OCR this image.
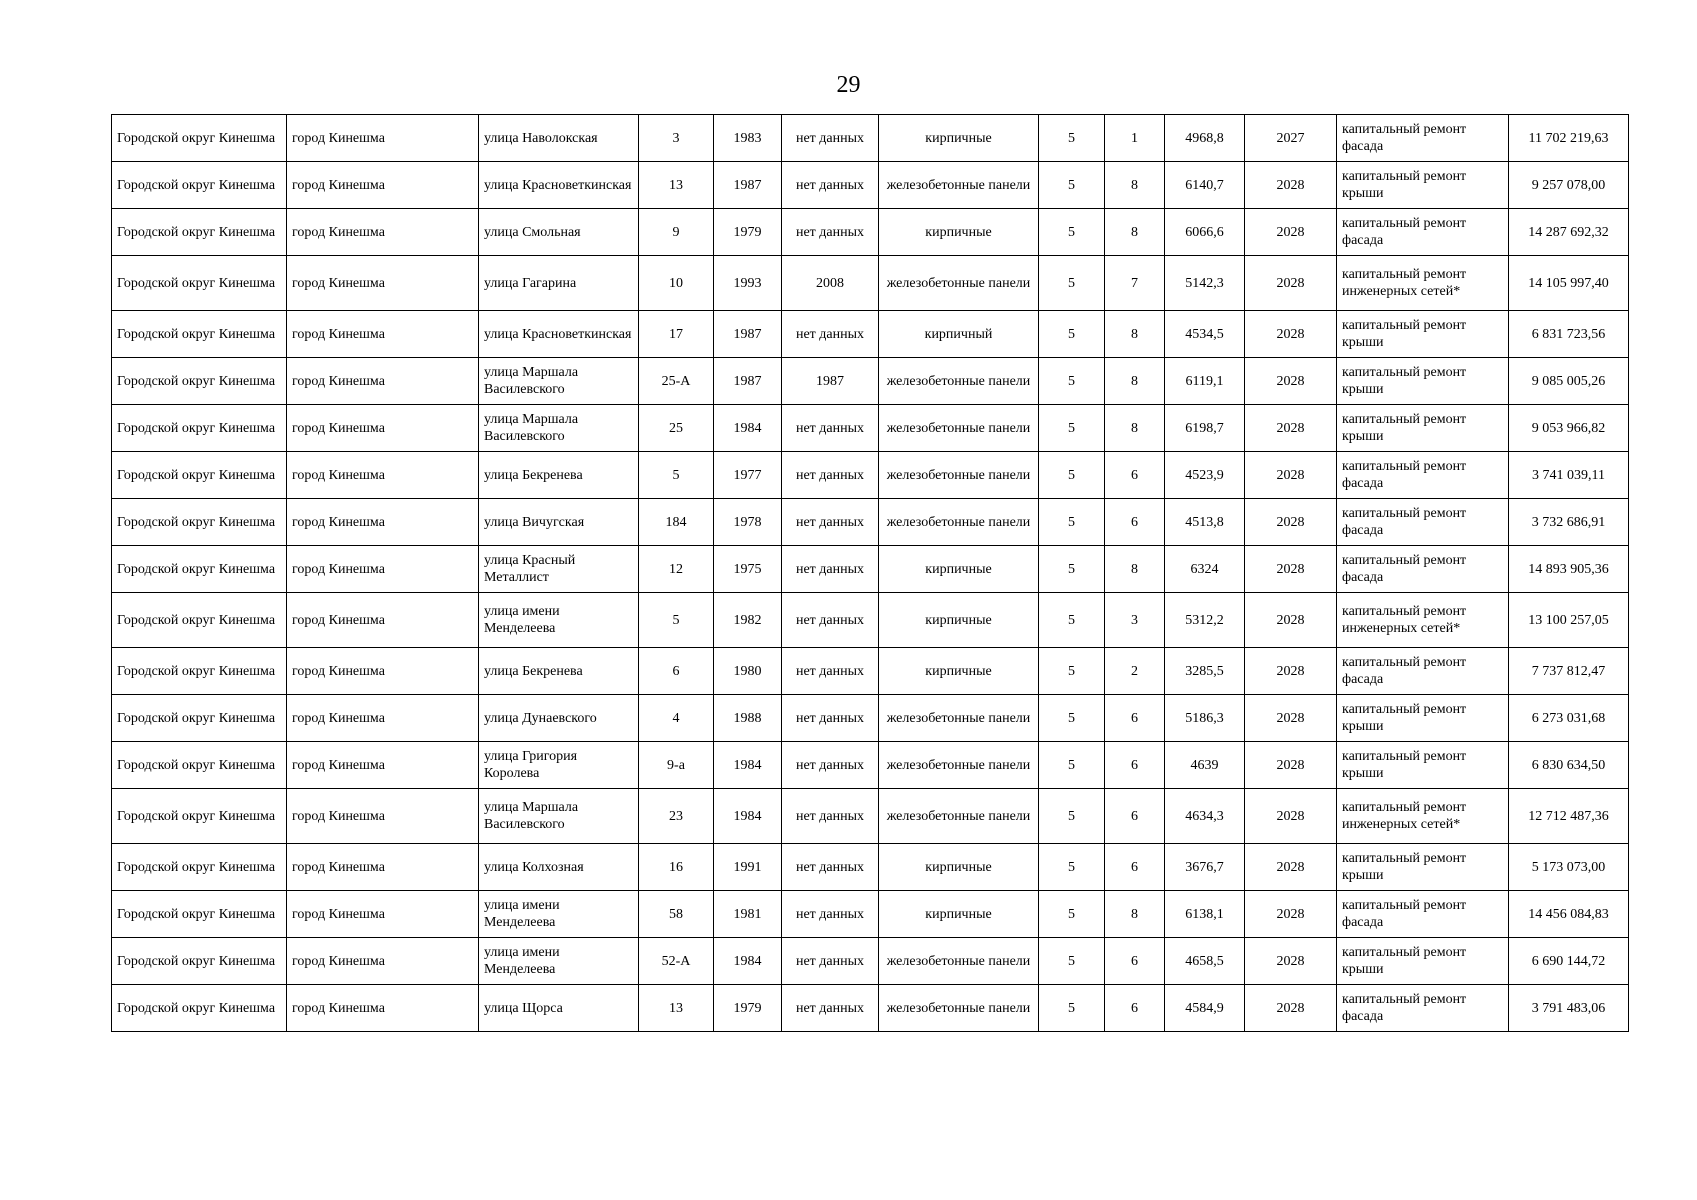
29
Городской округ Кинешма	город Кинешма	улица Наволокская	3	1983	нет данных	кирпичные	5	1	4968,8	2027	капитальный ремонт фасада	11 702 219,63
Городской округ Кинешма	город Кинешма	улица Красноветкинская	13	1987	нет данных	железобетонные панели	5	8	6140,7	2028	капитальный ремонт крыши	9 257 078,00
Городской округ Кинешма	город Кинешма	улица Смольная	9	1979	нет данных	кирпичные	5	8	6066,6	2028	капитальный ремонт фасада	14 287 692,32
Городской округ Кинешма	город Кинешма	улица Гагарина	10	1993	2008	железобетонные панели	5	7	5142,3	2028	капитальный ремонт инженерных сетей*	14 105 997,40
Городской округ Кинешма	город Кинешма	улица Красноветкинская	17	1987	нет данных	кирпичный	5	8	4534,5	2028	капитальный ремонт крыши	6 831 723,56
Городской округ Кинешма	город Кинешма	улица Маршала Василевского	25-А	1987	1987	железобетонные панели	5	8	6119,1	2028	капитальный ремонт крыши	9 085 005,26
Городской округ Кинешма	город Кинешма	улица Маршала Василевского	25	1984	нет данных	железобетонные панели	5	8	6198,7	2028	капитальный ремонт крыши	9 053 966,82
Городской округ Кинешма	город Кинешма	улица Бекренева	5	1977	нет данных	железобетонные панели	5	6	4523,9	2028	капитальный ремонт фасада	3 741 039,11
Городской округ Кинешма	город Кинешма	улица Вичугская	184	1978	нет данных	железобетонные панели	5	6	4513,8	2028	капитальный ремонт фасада	3 732 686,91
Городской округ Кинешма	город Кинешма	улица Красный Металлист	12	1975	нет данных	кирпичные	5	8	6324	2028	капитальный ремонт фасада	14 893 905,36
Городской округ Кинешма	город Кинешма	улица имени Менделеева	5	1982	нет данных	кирпичные	5	3	5312,2	2028	капитальный ремонт инженерных сетей*	13 100 257,05
Городской округ Кинешма	город Кинешма	улица Бекренева	6	1980	нет данных	кирпичные	5	2	3285,5	2028	капитальный ремонт фасада	7 737 812,47
Городской округ Кинешма	город Кинешма	улица Дунаевского	4	1988	нет данных	железобетонные панели	5	6	5186,3	2028	капитальный ремонт крыши	6 273 031,68
Городской округ Кинешма	город Кинешма	улица Григория Королева	9-а	1984	нет данных	железобетонные панели	5	6	4639	2028	капитальный ремонт крыши	6 830 634,50
Городской округ Кинешма	город Кинешма	улица Маршала Василевского	23	1984	нет данных	железобетонные панели	5	6	4634,3	2028	капитальный ремонт инженерных сетей*	12 712 487,36
Городской округ Кинешма	город Кинешма	улица Колхозная	16	1991	нет данных	кирпичные	5	6	3676,7	2028	капитальный ремонт крыши	5 173 073,00
Городской округ Кинешма	город Кинешма	улица имени Менделеева	58	1981	нет данных	кирпичные	5	8	6138,1	2028	капитальный ремонт фасада	14 456 084,83
Городской округ Кинешма	город Кинешма	улица имени Менделеева	52-А	1984	нет данных	железобетонные панели	5	6	4658,5	2028	капитальный ремонт крыши	6 690 144,72
Городской округ Кинешма	город Кинешма	улица Щорса	13	1979	нет данных	железобетонные панели	5	6	4584,9	2028	капитальный ремонт фасада	3 791 483,06
